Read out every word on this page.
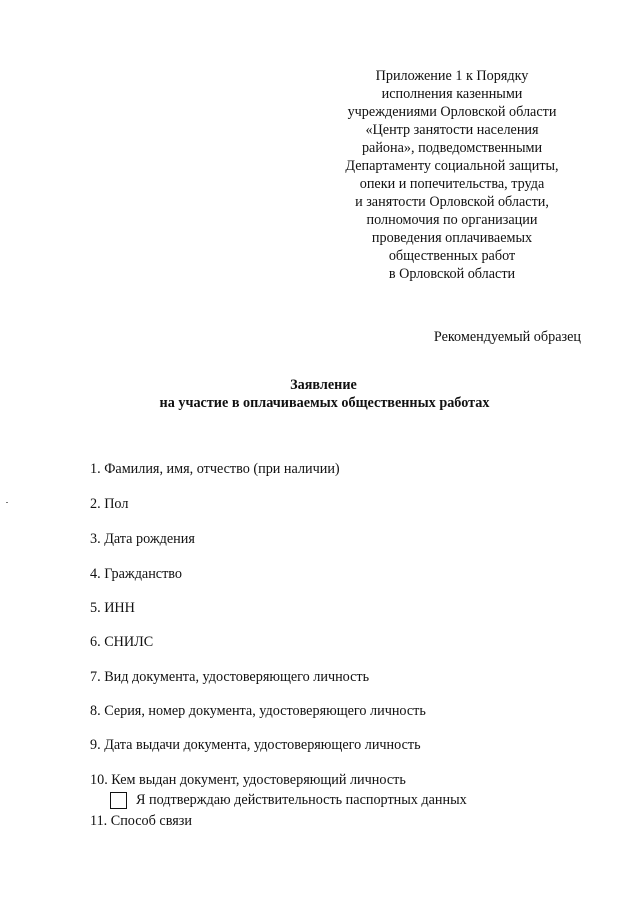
Приложение 1 к Порядку
исполнения казенными
учреждениями Орловской области
«Центр занятости населения
района», подведомственными
Департаменту социальной защиты,
опеки и попечительства, труда
и занятости Орловской области,
полномочия по организации
проведения оплачиваемых
общественных работ
в Орловской области
Рекомендуемый образец
Заявление
на участие в оплачиваемых общественных работах
1. Фамилия, имя, отчество (при наличии)
2. Пол
3. Дата рождения
4. Гражданство
5. ИНН
6. СНИЛС
7. Вид документа, удостоверяющего личность
8. Серия, номер документа, удостоверяющего личность
9. Дата выдачи документа, удостоверяющего личность
10. Кем выдан документ, удостоверяющий личность
Я подтверждаю действительность паспортных данных
11. Способ связи
